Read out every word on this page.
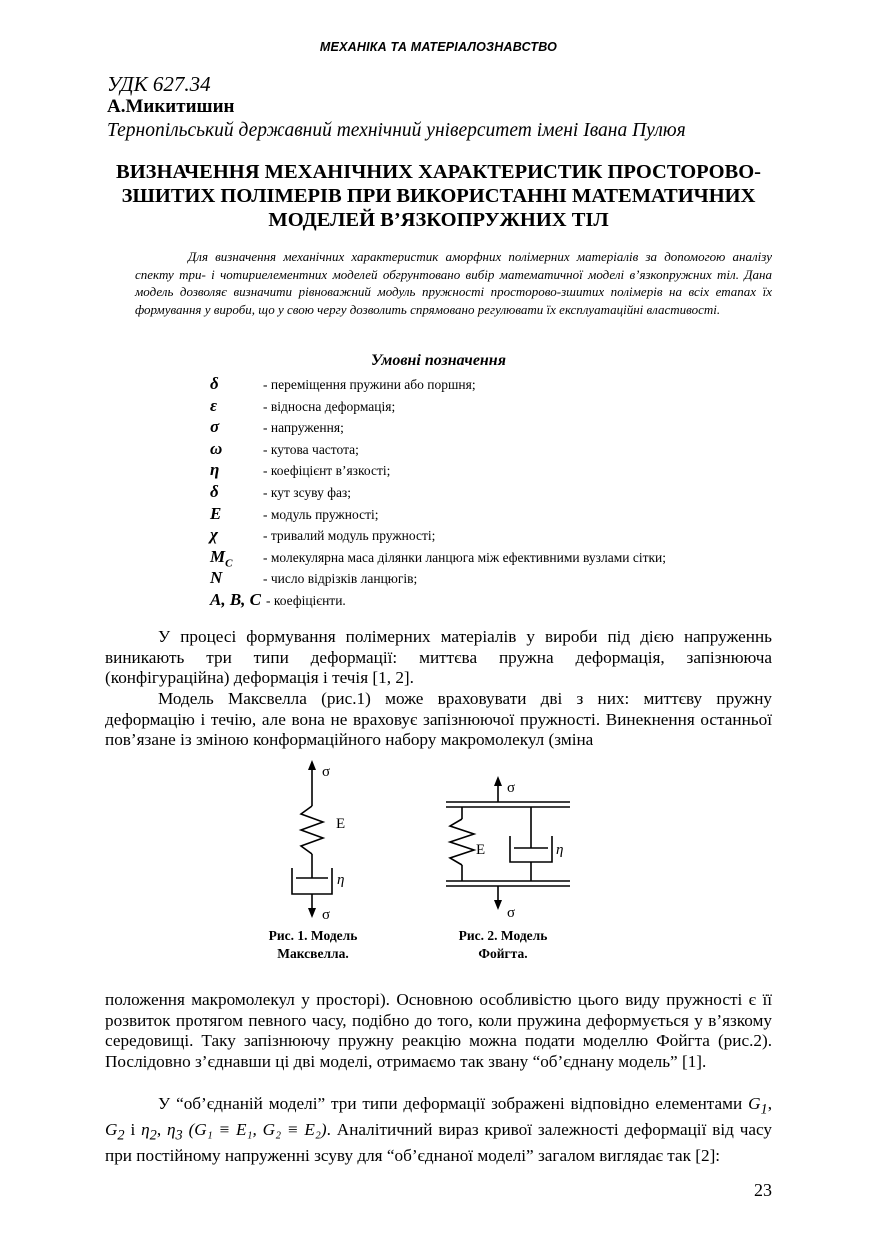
МЕХАНІКА ТА МАТЕРІАЛОЗНАВСТВО
УДК 627.34
А.Микитишин
Тернопільський державний технічний університет імені Івана Пулюя
ВИЗНАЧЕННЯ МЕХАНІЧНИХ ХАРАКТЕРИСТИК ПРОСТОРОВО-ЗШИТИХ ПОЛІМЕРІВ ПРИ ВИКОРИСТАННІ МАТЕМАТИЧНИХ МОДЕЛЕЙ В’ЯЗКОПРУЖНИХ ТІЛ
Для визначення механічних характеристик аморфних полімерних матеріалів за допомогою аналізу спекту три- і чотириелементних моделей обгрунтовано вибір математичної моделі в’язкопружних тіл. Дана модель дозволяє визначити рівноважний модуль пружності просторово-зшитих полімерів на всіх етапах їх формування у вироби, що у свою чергу дозволить спрямовано регулювати їх експлуатаційні властивості.
Умовні позначення
δ	- переміщення пружини або поршня;
ε	- відносна деформація;
σ	- напруження;
ω	- кутова частота;
η	- коефіцієнт в’язкості;
δ	- кут зсуву фаз;
E	- модуль пружності;
χ	- тривалий модуль пружності;
$M_C$ - молекулярна маса ділянки ланцюга між ефективними вузлами сітки;
N	- число відрізків ланцюгів;
A, B, C - коефіцієнти.
У процесі формування полімерних матеріалів у вироби під дією напруженнь виникають три типи деформації: миттєва пружна деформація, запізнююча (конфігураційна) деформація і течія [1, 2].
Модель Максвелла (рис.1) може враховувати дві з них: миттєву пружну деформацію і течію, але вона не враховує запізнюючої пружності. Винекнення останньої пов’язане із зміною конформаційного набору макромолекул (зміна
σ
E
η
σ
Рис. 1. Модель
Максвелла.
σ
E	η
σ
Рис. 2. Модель
Фойгта.
положення макромолекул у просторі). Основною особливістю цього виду пружності є її розвиток протягом певного часу, подібно до того, коли пружина деформується у в’язкому середовищі. Таку запізнюючу пружну реакцію можна подати моделлю Фойгта (рис.2). Послідовно з’єднавши ці дві моделі, отримаємо так звану “об’єднану модель” [1].
У “об’єднаній моделі” три типи деформації зображені відповідно елементами $G_1$, $G_2$ і $\eta_2$, $\eta_3$ (G₁ ≡ E₁, G₂ ≡ E₂). Аналітичний вираз кривої залежності деформації від часу при постійному напруженні зсуву для “об’єднаної моделі” загалом виглядає так [2]:
23
